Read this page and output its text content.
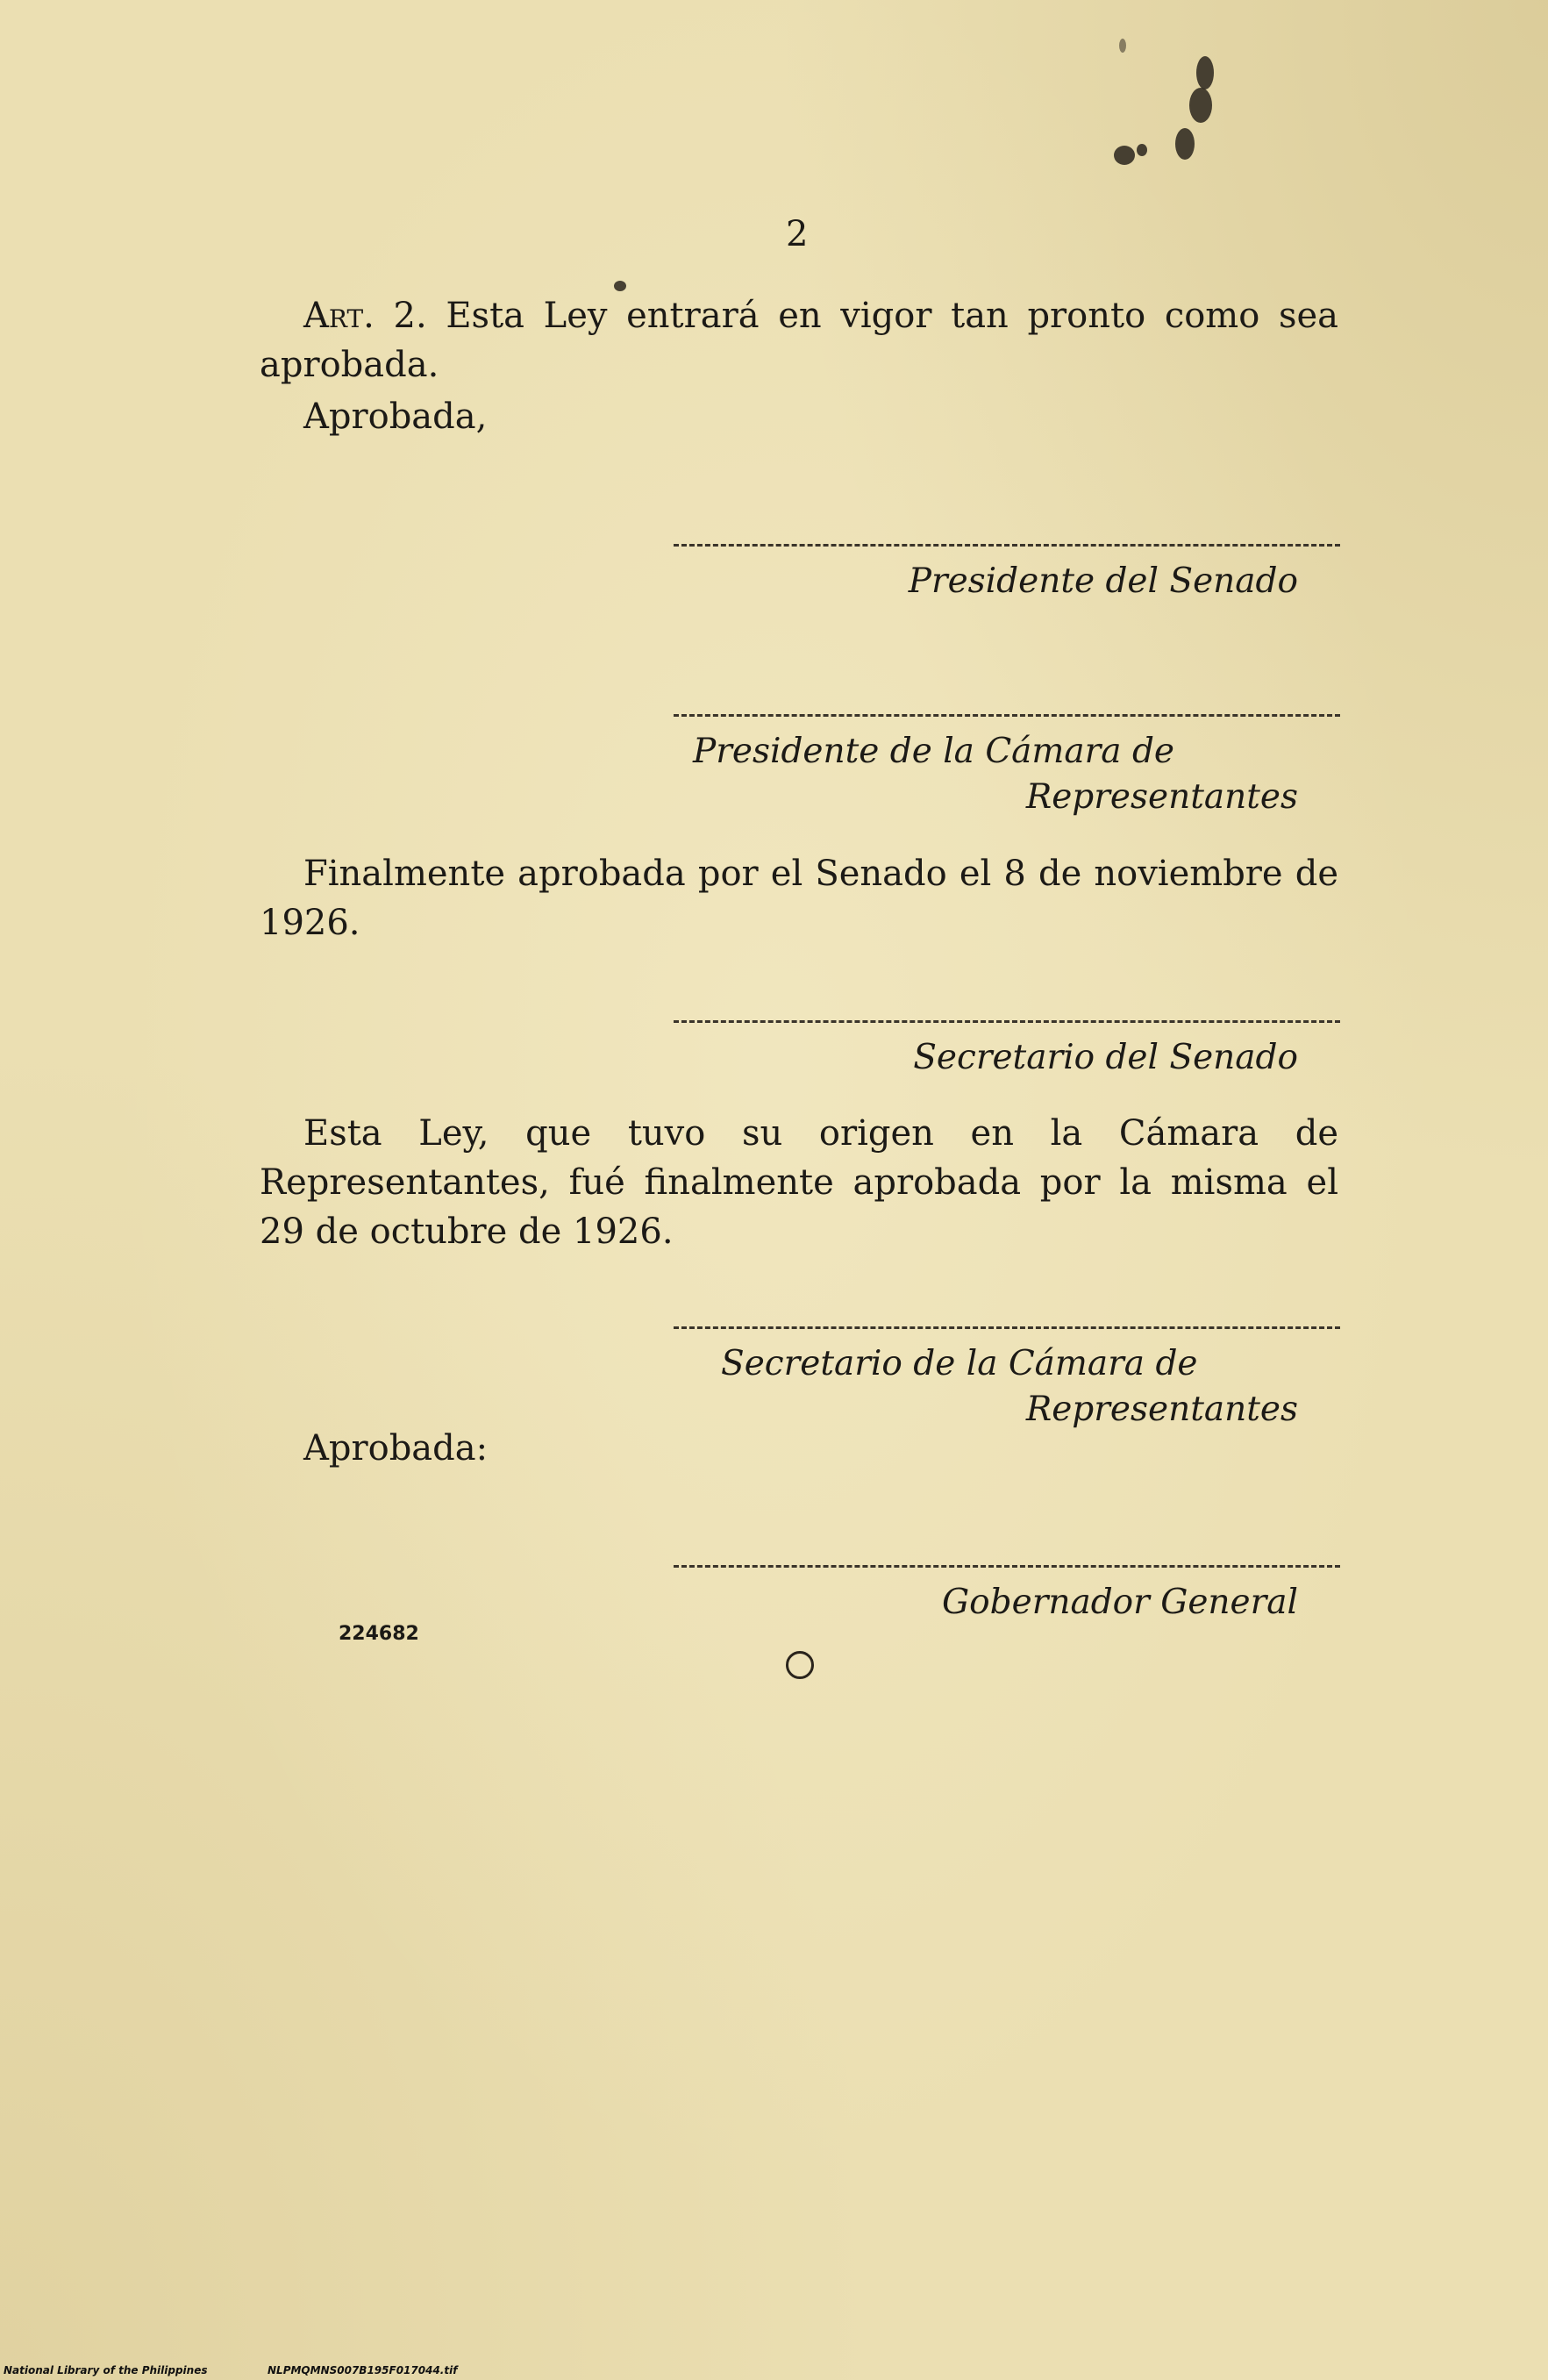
2

Art. 2. Esta Ley entrará en vigor tan pronto como sea aprobada.

Aprobada,

Presidente del Senado
Presidente de la Cámara de
Representantes

Finalmente aprobada por el Senado el 8 de noviembre de 1926.

Secretario del Senado

Esta Ley, que tuvo su origen en la Cámara de Representantes, fué finalmente aprobada por la misma el 29 de octubre de 1926.

Secretario de la Cámara de
Representantes

Aprobada:

Gobernador General

224682

National Library of the Philippines	NLPMQMNS007B195F017044.tif
